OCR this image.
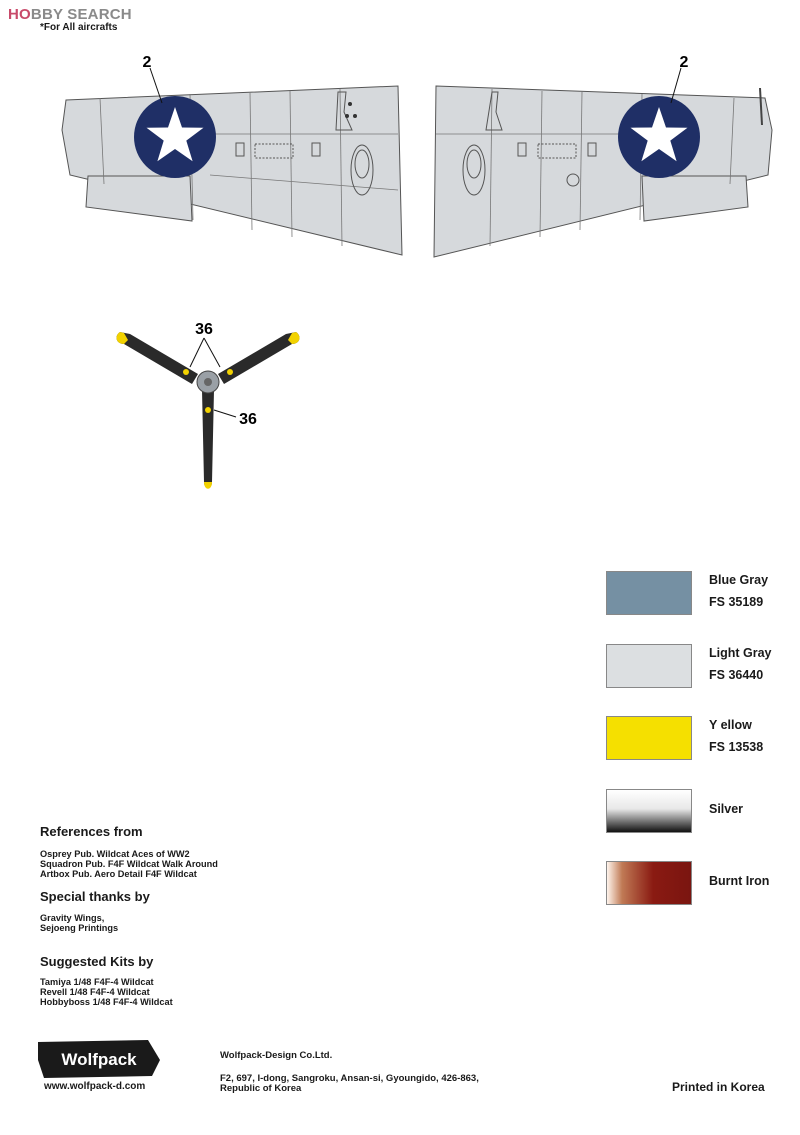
HOBBY SEARCH
*For All aircrafts
2	2
36
36
Blue Gray
FS 35189
Light Gray
FS 36440
Y ellow
FS 13538
Silver
Burnt Iron
References from
Osprey Pub. Wildcat Aces of WW2
Squadron Pub. F4F Wildcat Walk Around
Artbox Pub. Aero Detail F4F Wildcat
Special thanks by
Gravity Wings,
Sejoeng Printings
Suggested Kits by
Tamiya 1/48 F4F-4 Wildcat
Revell 1/48 F4F-4 Wildcat
Hobbyboss 1/48 F4F-4 Wildcat
Wolfpack
www.wolfpack-d.com
Wolfpack-Design Co.Ltd.
F2, 697, I-dong, Sangroku, Ansan-si, Gyoungido, 426-863,
Republic of Korea	Printed in Korea
